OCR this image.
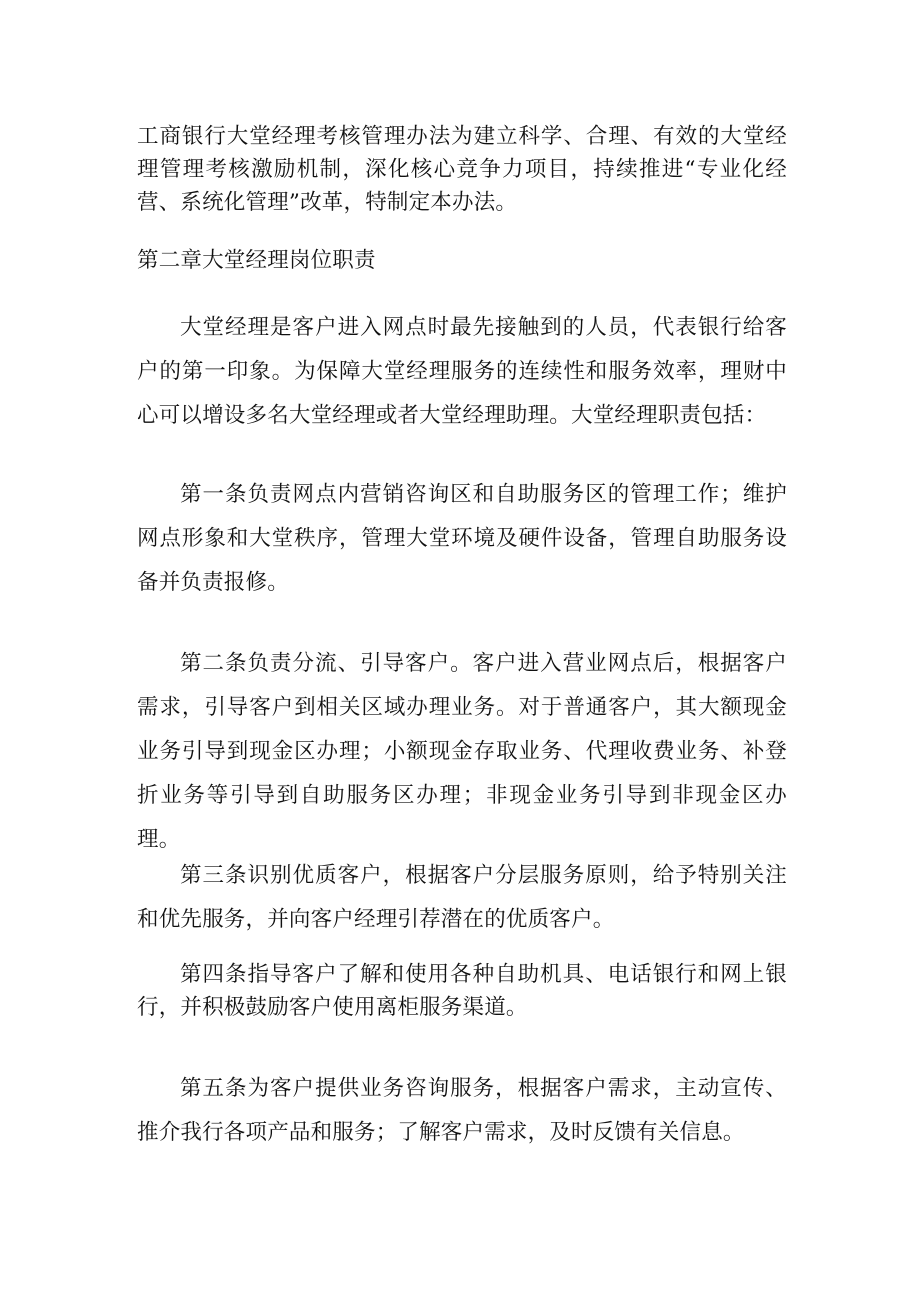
工商银行大堂经理考核管理办法为建立科学、合理、有效的大堂经理管理考核激励机制，深化核心竞争力项目，持续推进“专业化经营、系统化管理”改革，特制定本办法。

第二章大堂经理岗位职责

大堂经理是客户进入网点时最先接触到的人员，代表银行给客户的第一印象。为保障大堂经理服务的连续性和服务效率，理财中心可以增设多名大堂经理或者大堂经理助理。大堂经理职责包括：

第一条负责网点内营销咨询区和自助服务区的管理工作；维护网点形象和大堂秩序，管理大堂环境及硬件设备，管理自助服务设备并负责报修。

第二条负责分流、引导客户。客户进入营业网点后，根据客户需求，引导客户到相关区域办理业务。对于普通客户，其大额现金业务引导到现金区办理；小额现金存取业务、代理收费业务、补登折业务等引导到自助服务区办理；非现金业务引导到非现金区办理。

第三条识别优质客户，根据客户分层服务原则，给予特别关注和优先服务，并向客户经理引荐潜在的优质客户。

第四条指导客户了解和使用各种自助机具、电话银行和网上银行，并积极鼓励客户使用离柜服务渠道。

第五条为客户提供业务咨询服务，根据客户需求，主动宣传、推介我行各项产品和服务；了解客户需求，及时反馈有关信息。
